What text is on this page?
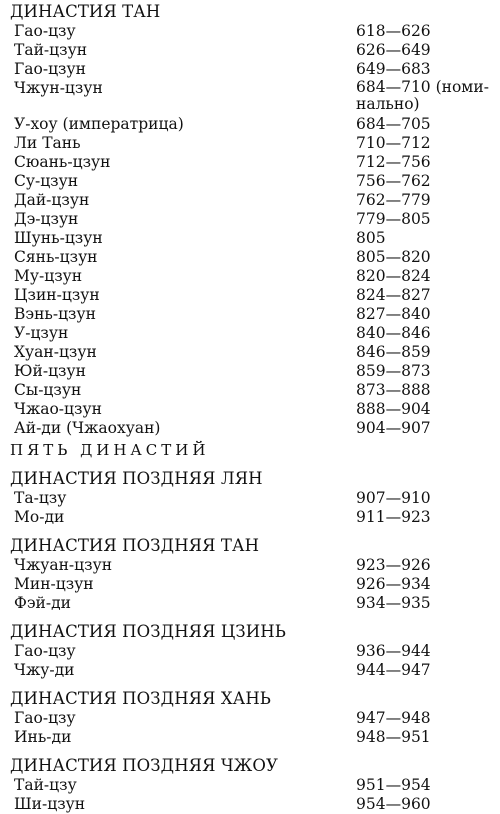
ДИНАСТИЯ ТАН
Гао-цзу	618—626
Тай-цзун	626—649
Гао-цзун	649—683
Чжун-цзун	684—710 (номи-
нально)
У-хоу (императрица)	684—705
Ли Тань	710—712
Сюань-цзун	712—756
Су-цзун	756—762
Дай-цзун	762—779
Дэ-цзун	779—805
Шунь-цзун	805
Сянь-цзун	805—820
Му-цзун	820—824
Цзин-цзун	824—827
Вэнь-цзун	827—840
У-цзун	840—846
Хуан-цзун	846—859
Юй-цзун	859—873
Сы-цзун	873—888
Чжао-цзун	888—904
Ай-ди (Чжаохуан)	904—907
ПЯТЬ ДИНАСТИЙ
ДИНАСТИЯ ПОЗДНЯЯ ЛЯН
Та-цзу	907—910
Мо-ди	911—923
ДИНАСТИЯ ПОЗДНЯЯ ТАН
Чжуан-цзун	923—926
Мин-цзун	926—934
Фэй-ди	934—935
ДИНАСТИЯ ПОЗДНЯЯ ЦЗИНЬ
Гао-цзу	936—944
Чжу-ди	944—947
ДИНАСТИЯ ПОЗДНЯЯ ХАНЬ
Гао-цзу	947—948
Инь-ди	948—951
ДИНАСТИЯ ПОЗДНЯЯ ЧЖОУ
Тай-цзу	951—954
Ши-цзун	954—960
